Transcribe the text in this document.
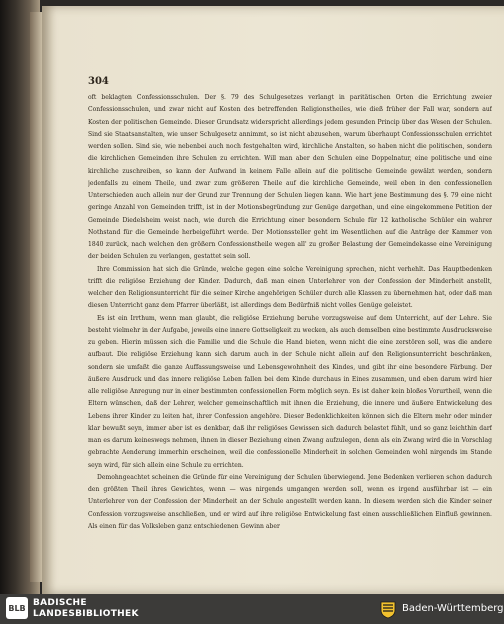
304

oft beklagten Confessionsschulen. Der §. 79 des Schulgesetzes verlangt in paritätischen Orten die Errichtung zweier Confessionsschulen, und zwar nicht auf Kosten des betreffenden Religionstheiles, wie dieß früher der Fall war, sondern auf Kosten der politischen Gemeinde. Dieser Grundsatz widerspricht allerdings jedem gesunden Princip über das Wesen der Schulen. Sind sie Staatsanstalten, wie unser Schulgesetz annimmt, so ist nicht abzusehen, warum überhaupt Confessionsschulen errichtet werden sollen. Sind sie, wie nebenbei auch noch festgehalten wird, kirchliche Anstalten, so haben nicht die politischen, sondern die kirchlichen Gemeinden ihre Schulen zu errichten. Will man aber den Schulen eine Doppelnatur, eine politische und eine kirchliche zuschreiben, so kann der Aufwand in keinem Falle allein auf die politische Gemeinde gewälzt werden, sondern jedenfalls zu einem Theile, und zwar zum größeren Theile auf die kirchliche Gemeinde, weil eben in den confessionellen Unterschieden auch allein nur der Grund zur Trennung der Schulen liegen kann. Wie hart jene Bestimmung des §. 79 eine nicht geringe Anzahl von Gemeinden trifft, ist in der Motionsbegründung zur Genüge dargethan, und eine eingekommene Petition der Gemeinde Diedelsheim weist nach, wie durch die Errichtung einer besondern Schule für 12 katholische Schüler ein wahrer Nothstand für die Gemeinde herbeigeführt werde. Der Motionssteller geht im Wesentlichen auf die Anträge der Kammer von 1840 zurück, nach welchen den größern Confessionstheile wegen all' zu großer Belastung der Gemeindekasse eine Vereinigung der beiden Schulen zu verlangen, gestattet sein soll.

Ihre Commission hat sich die Gründe, welche gegen eine solche Vereinigung sprechen, nicht verhehlt. Das Hauptbedenken trifft die religiöse Erziehung der Kinder. Dadurch, daß man einen Unterlehrer von der Confession der Minderheit anstellt, welcher den Religionsunterricht für die seiner Kirche angehörigen Schüler durch alle Klassen zu übernehmen hat, oder daß man diesen Unterricht ganz dem Pfarrer überläßt, ist allerdings dem Bedürfniß nicht volles Genüge geleistet.

Es ist ein Irrthum, wenn man glaubt, die religiöse Erziehung beruhe vorzugsweise auf dem Unterricht, auf der Lehre. Sie besteht vielmehr in der Aufgabe, jeweils eine innere Gottseligkeit zu wecken, als auch demselben eine bestimmte Ausdrucksweise zu geben. Hierin müssen sich die Familie und die Schule die Hand bieten, wenn nicht die eine zerstören soll, was die andere aufbaut. Die religiöse Erziehung kann sich darum auch in der Schule nicht allein auf den Religionsunterricht beschränken, sondern sie umfaßt die ganze Auffassungsweise und Lebensgewohnheit des Kindes, und gibt ihr eine besondere Färbung. Der äußere Ausdruck und das innere religiöse Leben fallen bei dem Kinde durchaus in Eines zusammen, und eben darum wird hier alle religiöse Anregung nur in einer bestimmten confessionellen Form möglich seyn. Es ist daher kein bloßes Vorurtheil, wenn die Eltern wünschen, daß der Lehrer, welcher gemeinschaftlich mit ihnen die Erziehung, die innere und äußere Entwickelung des Lebens ihrer Kinder zu leiten hat, ihrer Confession angehöre. Dieser Bedenklichkeiten können sich die Eltern mehr oder minder klar bewußt seyn, immer aber ist es denkbar, daß ihr religiöses Gewissen sich dadurch belastet fühlt, und so ganz leichthin darf man es darum keineswegs nehmen, ihnen in dieser Beziehung einen Zwang aufzulegen, denn als ein Zwang wird die in Vorschlag gebrachte Aenderung immerhin erscheinen, weil die confessionelle Minderheit in solchen Gemeinden wohl nirgends im Stande seyn wird, für sich allein eine Schule zu errichten.

Demohngeachtet scheinen die Gründe für eine Vereinigung der Schulen überwiegend. Jene Bedenken verlieren schon dadurch den größten Theil ihres Gewichtes, wenn — was nirgends umgangen werden soll, wenn es irgend ausführbar ist — ein Unterlehrer von der Confession der Minderheit an der Schule angestellt werden kann. In diesem werden sich die Kinder seiner Confession vorzugsweise anschließen, und er wird auf ihre religiöse Entwickelung fast einen ausschließlichen Einfluß gewinnen. Als einen für das Volksleben ganz entschiedenen Gewinn aber

BLB BADISCHE
LANDESBIBLIOTHEK	Baden-Württemberg
